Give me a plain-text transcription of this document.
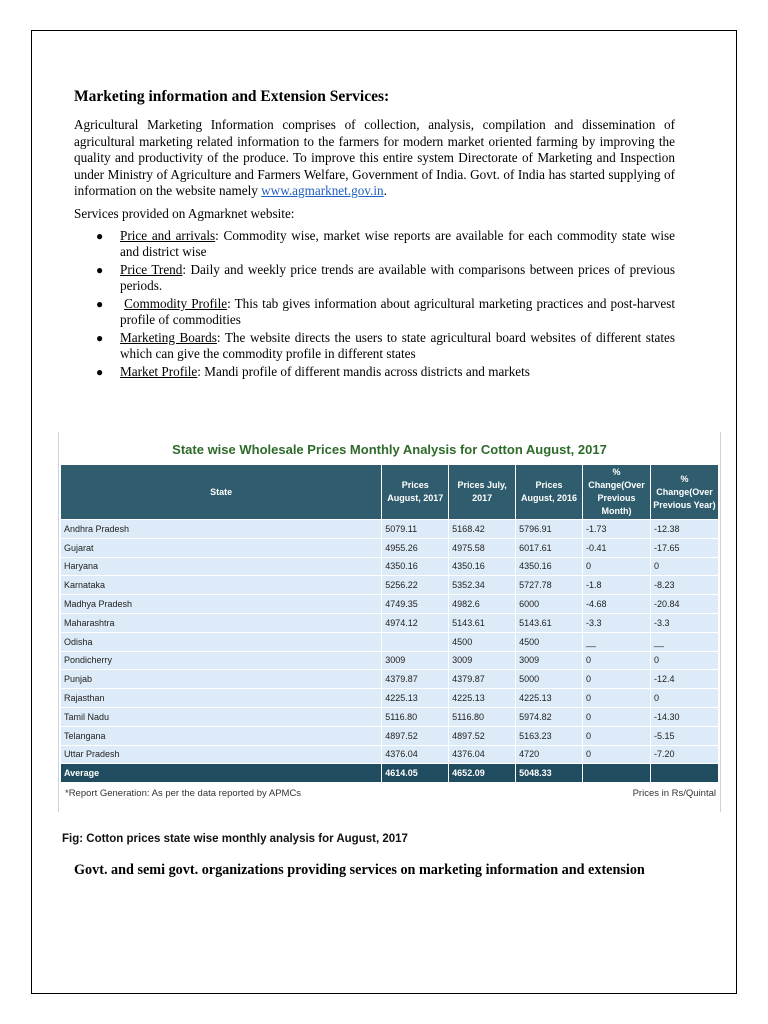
Marketing information and Extension Services:

Agricultural Marketing Information comprises of collection, analysis, compilation and dissemination of agricultural marketing related information to the farmers for modern market oriented farming by improving the quality and productivity of the produce. To improve this entire system Directorate of Marketing and Inspection under Ministry of Agriculture and Farmers Welfare, Government of India. Govt. of India has started supplying of information on the website namely www.agmarknet.gov.in.

Services provided on Agmarknet website:

● Price and arrivals: Commodity wise, market wise reports are available for each commodity state wise and district wise
● Price Trend: Daily and weekly price trends are available with comparisons between prices of previous periods.
● Commodity Profile: This tab gives information about agricultural marketing practices and post-harvest profile of commodities
● Marketing Boards: The website directs the users to state agricultural board websites of different states which can give the commodity profile in different states
● Market Profile: Mandi profile of different mandis across districts and markets
State wise Wholesale Prices Monthly Analysis for Cotton August, 2017
State	Prices August, 2017	Prices July, 2017	Prices August, 2016	% Change(Over Previous Month)	% Change(Over Previous Year)
Andhra Pradesh	5079.11	5168.42	5796.91	-1.73	-12.38
Gujarat	4955.26	4975.58	6017.61	-0.41	-17.65
Haryana	4350.16	4350.16	4350.16	0	0
Karnataka	5256.22	5352.34	5727.78	-1.8	-8.23
Madhya Pradesh	4749.35	4982.6	6000	-4.68	-20.84
Maharashtra	4974.12	5143.61	5143.61	-3.3	-3.3
Odisha		4500	4500	__	__
Pondicherry	3009	3009	3009	0	0
Punjab	4379.87	4379.87	5000	0	-12.4
Rajasthan	4225.13	4225.13	4225.13	0	0
Tamil Nadu	5116.80	5116.80	5974.82	0	-14.30
Telangana	4897.52	4897.52	5163.23	0	-5.15
Uttar Pradesh	4376.04	4376.04	4720	0	-7.20
Average	4614.05	4652.09	5048.33		
*Report Generation: As per the data reported by APMCs	Prices in Rs/Quintal
Fig: Cotton prices state wise monthly analysis for August, 2017
Govt. and semi govt. organizations providing services on marketing information and extension
